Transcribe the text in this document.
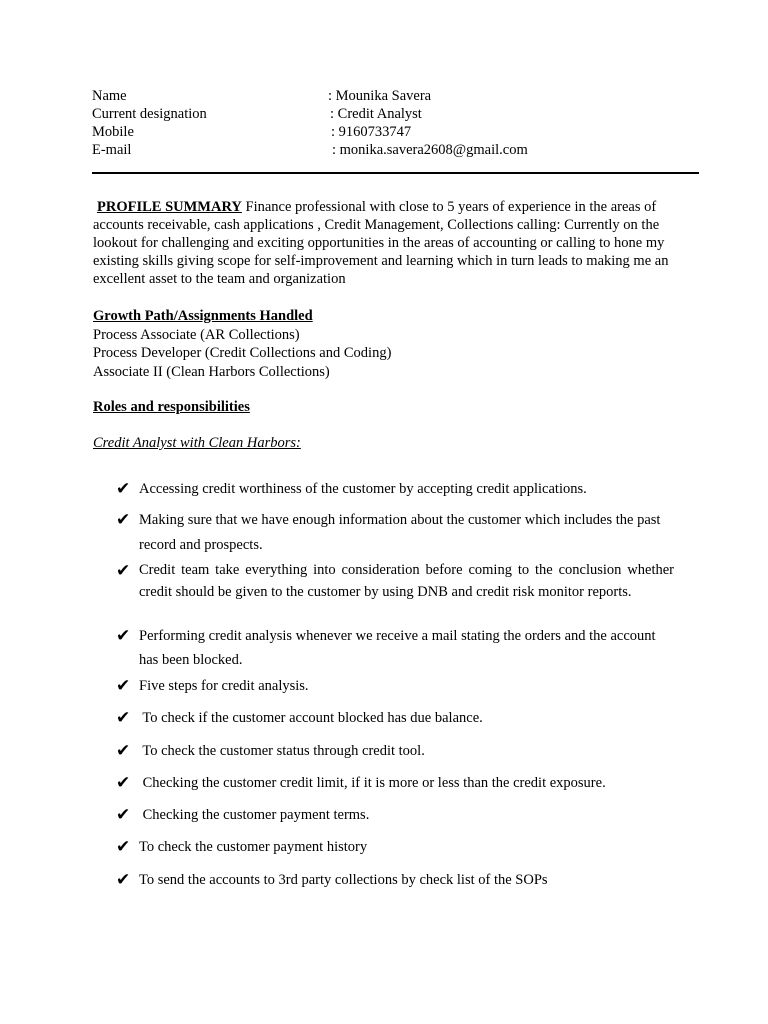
Name	: Mounika Savera
Current designation	: Credit Analyst
Mobile	: 9160733747
E-mail	: monika.savera2608@gmail.com
PROFILE SUMMARY Finance professional with close to 5 years of experience in the areas of accounts receivable, cash applications , Credit Management, Collections calling: Currently on the lookout for challenging and exciting opportunities in the areas of accounting or calling to hone my existing skills giving scope for self-improvement and learning which in turn leads to making me an excellent asset to the team and organization
Growth Path/Assignments Handled
Process Associate (AR Collections)
Process Developer (Credit Collections and Coding)
Associate II (Clean Harbors Collections)
Roles and responsibilities
Credit Analyst with Clean Harbors:
✔ Accessing credit worthiness of the customer by accepting credit applications.
✔ Making sure that we have enough information about the customer which includes the past record and prospects.
✔ Credit team take everything into consideration before coming to the conclusion whether credit should be given to the customer by using DNB and credit risk monitor reports.
✔ Performing credit analysis whenever we receive a mail stating the orders and the account has been blocked.
✔ Five steps for credit analysis.
✔ To check if the customer account blocked has due balance.
✔ To check the customer status through credit tool.
✔ Checking the customer credit limit, if it is more or less than the credit exposure.
✔ Checking the customer payment terms.
✔ To check the customer payment history
✔ To send the accounts to 3rd party collections by check list of the SOPs
